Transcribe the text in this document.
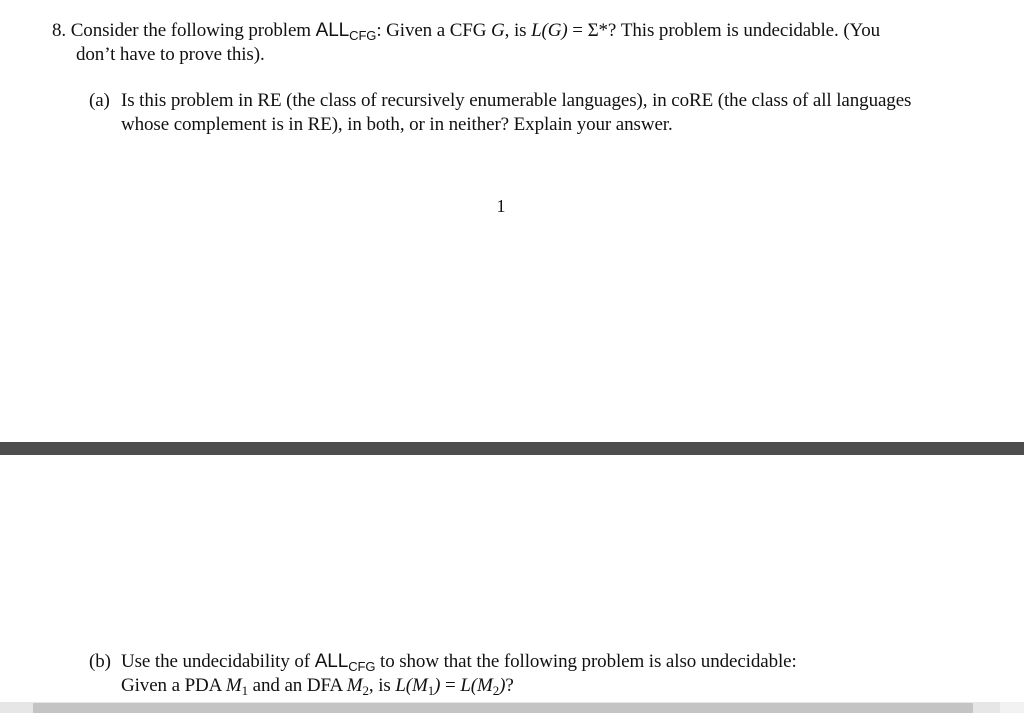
8. Consider the following problem $ALL_{CFG}$: Given a CFG G, is L(G) = Σ*? This problem is undecidable. (You
don’t have to prove this).
(a) Is this problem in RE (the class of recursively enumerable languages), in coRE (the class of all languages
whose complement is in RE), in both, or in neither? Explain your answer.
1
(b) Use the undecidability of $ALL_{CFG}$ to show that the following problem is also undecidable:
Given a PDA $M_1$ and an DFA $M_2$, is $L(M_1) = L(M_2)$?
